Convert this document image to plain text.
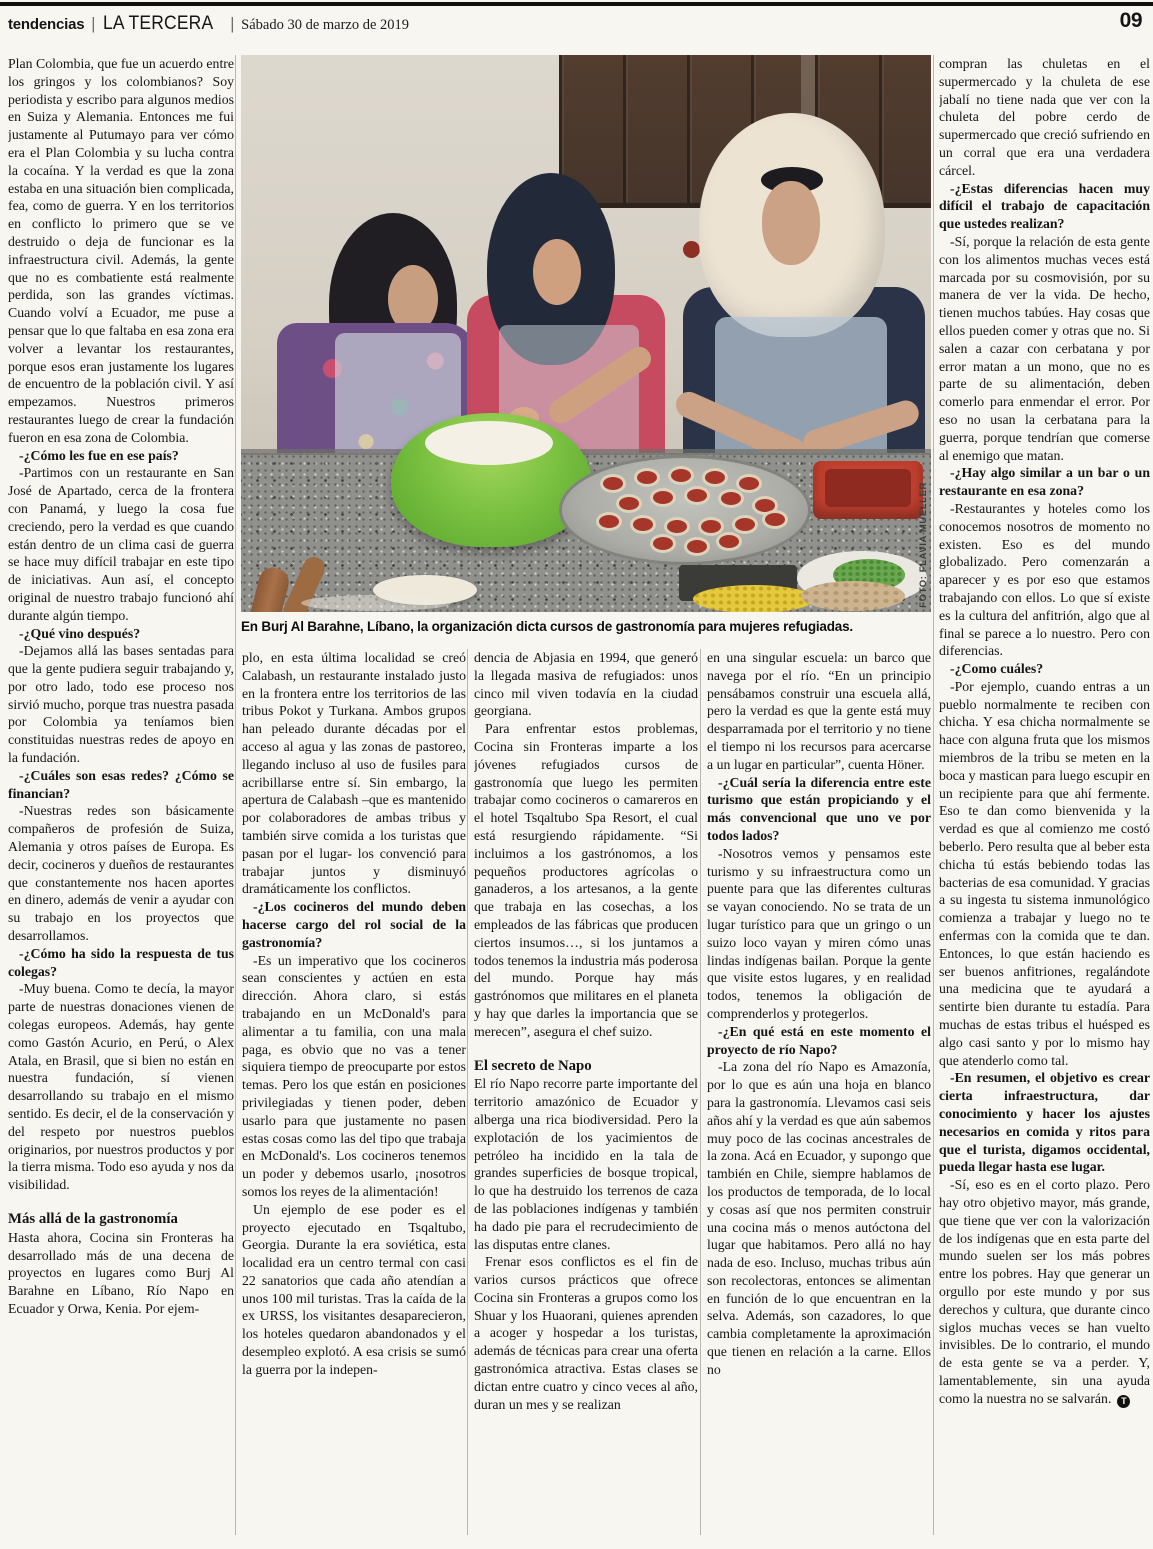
tendencias | LA TERCERA | Sábado 30 de marzo de 2019	09
FOTO: FLAVIA MUELLER
En Burj Al Barahne, Líbano, la organización dicta cursos de gastronomía para mujeres refugiadas.

Plan Colombia, que fue un acuerdo entre los gringos y los colombianos? Soy periodista y escribo para algunos medios en Suiza y Alemania. Entonces me fui justamente al Putumayo para ver cómo era el Plan Colombia y su lucha contra la cocaína. Y la verdad es que la zona estaba en una situación bien complicada, fea, como de guerra. Y en los territorios en conflicto lo primero que se ve destruido o deja de funcionar es la infraestructura civil. Además, la gente que no es combatiente está realmente perdida, son las grandes víctimas. Cuando volví a Ecuador, me puse a pensar que lo que faltaba en esa zona era volver a levantar los restaurantes, porque esos eran justamente los lugares de encuentro de la población civil. Y así empezamos. Nuestros primeros restaurantes luego de crear la fundación fueron en esa zona de Colombia.

-¿Cómo les fue en ese país?

-Partimos con un restaurante en San José de Apartado, cerca de la frontera con Panamá, y luego la cosa fue creciendo, pero la verdad es que cuando están dentro de un clima casi de guerra se hace muy difícil trabajar en este tipo de iniciativas. Aun así, el concepto original de nuestro trabajo funcionó ahí durante algún tiempo.

-¿Qué vino después?

-Dejamos allá las bases sentadas para que la gente pudiera seguir trabajando y, por otro lado, todo ese proceso nos sirvió mucho, porque tras nuestra pasada por Colombia ya teníamos bien constituidas nuestras redes de apoyo en la fundación.

-¿Cuáles son esas redes? ¿Cómo se financian?

-Nuestras redes son básicamente compañeros de profesión de Suiza, Alemania y otros países de Europa. Es decir, cocineros y dueños de restaurantes que constantemente nos hacen aportes en dinero, además de venir a ayudar con su trabajo en los proyectos que desarrollamos.

-¿Cómo ha sido la respuesta de tus colegas?

-Muy buena. Como te decía, la mayor parte de nuestras donaciones vienen de colegas europeos. Además, hay gente como Gastón Acurio, en Perú, o Alex Atala, en Brasil, que si bien no están en nuestra fundación, sí vienen desarrollando su trabajo en el mismo sentido. Es decir, el de la conservación y del respeto por nuestros pueblos originarios, por nuestros productos y por la tierra misma. Todo eso ayuda y nos da visibilidad.

Más allá de la gastronomía

Hasta ahora, Cocina sin Fronteras ha desarrollado más de una decena de proyectos en lugares como Burj Al Barahne en Líbano, Río Napo en Ecuador y Orwa, Kenia. Por ejem-

plo, en esta última localidad se creó Calabash, un restaurante instalado justo en la frontera entre los territorios de las tribus Pokot y Turkana. Ambos grupos han peleado durante décadas por el acceso al agua y las zonas de pastoreo, llegando incluso al uso de fusiles para acribillarse entre sí. Sin embargo, la apertura de Calabash –que es mantenido por colaboradores de ambas tribus y también sirve comida a los turistas que pasan por el lugar- los convenció para trabajar juntos y disminuyó dramáticamente los conflictos.

-¿Los cocineros del mundo deben hacerse cargo del rol social de la gastronomía?

-Es un imperativo que los cocineros sean conscientes y actúen en esta dirección. Ahora claro, si estás trabajando en un McDonald's para alimentar a tu familia, con una mala paga, es obvio que no vas a tener siquiera tiempo de preocuparte por estos temas. Pero los que están en posiciones privilegiadas y tienen poder, deben usarlo para que justamente no pasen estas cosas como las del tipo que trabaja en McDonald's. Los cocineros tenemos un poder y debemos usarlo, ¡nosotros somos los reyes de la alimentación!

Un ejemplo de ese poder es el proyecto ejecutado en Tsqaltubo, Georgia. Durante la era soviética, esta localidad era un centro termal con casi 22 sanatorios que cada año atendían a unos 100 mil turistas. Tras la caída de la ex URSS, los visitantes desaparecieron, los hoteles quedaron abandonados y el desempleo explotó. A esa crisis se sumó la guerra por la indepen-

dencia de Abjasia en 1994, que generó la llegada masiva de refugiados: unos cinco mil viven todavía en la ciudad georgiana.

Para enfrentar estos problemas, Cocina sin Fronteras imparte a los jóvenes refugiados cursos de gastronomía que luego les permiten trabajar como cocineros o camareros en el hotel Tsqaltubo Spa Resort, el cual está resurgiendo rápidamente. “Si incluimos a los gastrónomos, a los pequeños productores agrícolas o ganaderos, a los artesanos, a la gente que trabaja en las cosechas, a los empleados de las fábricas que producen ciertos insumos…, si los juntamos a todos tenemos la industria más poderosa del mundo. Porque hay más gastrónomos que militares en el planeta y hay que darles la importancia que se merecen”, asegura el chef suizo.

El secreto de Napo

El río Napo recorre parte importante del territorio amazónico de Ecuador y alberga una rica biodiversidad. Pero la explotación de los yacimientos de petróleo ha incidido en la tala de grandes superficies de bosque tropical, lo que ha destruido los terrenos de caza de las poblaciones indígenas y también ha dado pie para el recrudecimiento de las disputas entre clanes.

Frenar esos conflictos es el fin de varios cursos prácticos que ofrece Cocina sin Fronteras a grupos como los Shuar y los Huaorani, quienes aprenden a acoger y hospedar a los turistas, además de técnicas para crear una oferta gastronómica atractiva. Estas clases se dictan entre cuatro y cinco veces al año, duran un mes y se realizan

en una singular escuela: un barco que navega por el río. “En un principio pensábamos construir una escuela allá, pero la verdad es que la gente está muy desparramada por el territorio y no tiene el tiempo ni los recursos para acercarse a un lugar en particular”, cuenta Höner.

-¿Cuál sería la diferencia entre este turismo que están propiciando y el más convencional que uno ve por todos lados?

-Nosotros vemos y pensamos este turismo y su infraestructura como un puente para que las diferentes culturas se vayan conociendo. No se trata de un lugar turístico para que un gringo o un suizo loco vayan y miren cómo unas lindas indígenas bailan. Porque la gente que visite estos lugares, y en realidad todos, tenemos la obligación de comprenderlos y protegerlos.

-¿En qué está en este momento el proyecto de río Napo?

-La zona del río Napo es Amazonía, por lo que es aún una hoja en blanco para la gastronomía. Llevamos casi seis años ahí y la verdad es que aún sabemos muy poco de las cocinas ancestrales de la zona. Acá en Ecuador, y supongo que también en Chile, siempre hablamos de los productos de temporada, de lo local y cosas así que nos permiten construir una cocina más o menos autóctona del lugar que habitamos. Pero allá no hay nada de eso. Incluso, muchas tribus aún son recolectoras, entonces se alimentan en función de lo que encuentran en la selva. Además, son cazadores, lo que cambia completamente la aproximación que tienen en relación a la carne. Ellos no

compran las chuletas en el supermercado y la chuleta de ese jabalí no tiene nada que ver con la chuleta del pobre cerdo de supermercado que creció sufriendo en un corral que era una verdadera cárcel.

-¿Estas diferencias hacen muy difícil el trabajo de capacitación que ustedes realizan?

-Sí, porque la relación de esta gente con los alimentos muchas veces está marcada por su cosmovisión, por su manera de ver la vida. De hecho, tienen muchos tabúes. Hay cosas que ellos pueden comer y otras que no. Si salen a cazar con cerbatana y por error matan a un mono, que no es parte de su alimentación, deben comerlo para enmendar el error. Por eso no usan la cerbatana para la guerra, porque tendrían que comerse al enemigo que matan.

-¿Hay algo similar a un bar o un restaurante en esa zona?

-Restaurantes y hoteles como los conocemos nosotros de momento no existen. Eso es del mundo globalizado. Pero comenzarán a aparecer y es por eso que estamos trabajando con ellos. Lo que sí existe es la cultura del anfitrión, algo que al final se parece a lo nuestro. Pero con diferencias.

-¿Como cuáles?

-Por ejemplo, cuando entras a un pueblo normalmente te reciben con chicha. Y esa chicha normalmente se hace con alguna fruta que los mismos miembros de la tribu se meten en la boca y mastican para luego escupir en un recipiente para que ahí fermente. Eso te dan como bienvenida y la verdad es que al comienzo me costó beberlo. Pero resulta que al beber esta chicha tú estás bebiendo todas las bacterias de esa comunidad. Y gracias a su ingesta tu sistema inmunológico comienza a trabajar y luego no te enfermas con la comida que te dan. Entonces, lo que están haciendo es ser buenos anfitriones, regalándote una medicina que te ayudará a sentirte bien durante tu estadía. Para muchas de estas tribus el huésped es algo casi santo y por lo mismo hay que atenderlo como tal.

-En resumen, el objetivo es crear cierta infraestructura, dar conocimiento y hacer los ajustes necesarios en comida y ritos para que el turista, digamos occidental, pueda llegar hasta ese lugar.

-Sí, eso es en el corto plazo. Pero hay otro objetivo mayor, más grande, que tiene que ver con la valorización de los indígenas que en esta parte del mundo suelen ser los más pobres entre los pobres. Hay que generar un orgullo por este mundo y por sus derechos y cultura, que durante cinco siglos muchas veces se han vuelto invisibles. De lo contrario, el mundo de esta gente se va a perder. Y, lamentablemente, sin una ayuda como la nuestra no se salvarán. T
